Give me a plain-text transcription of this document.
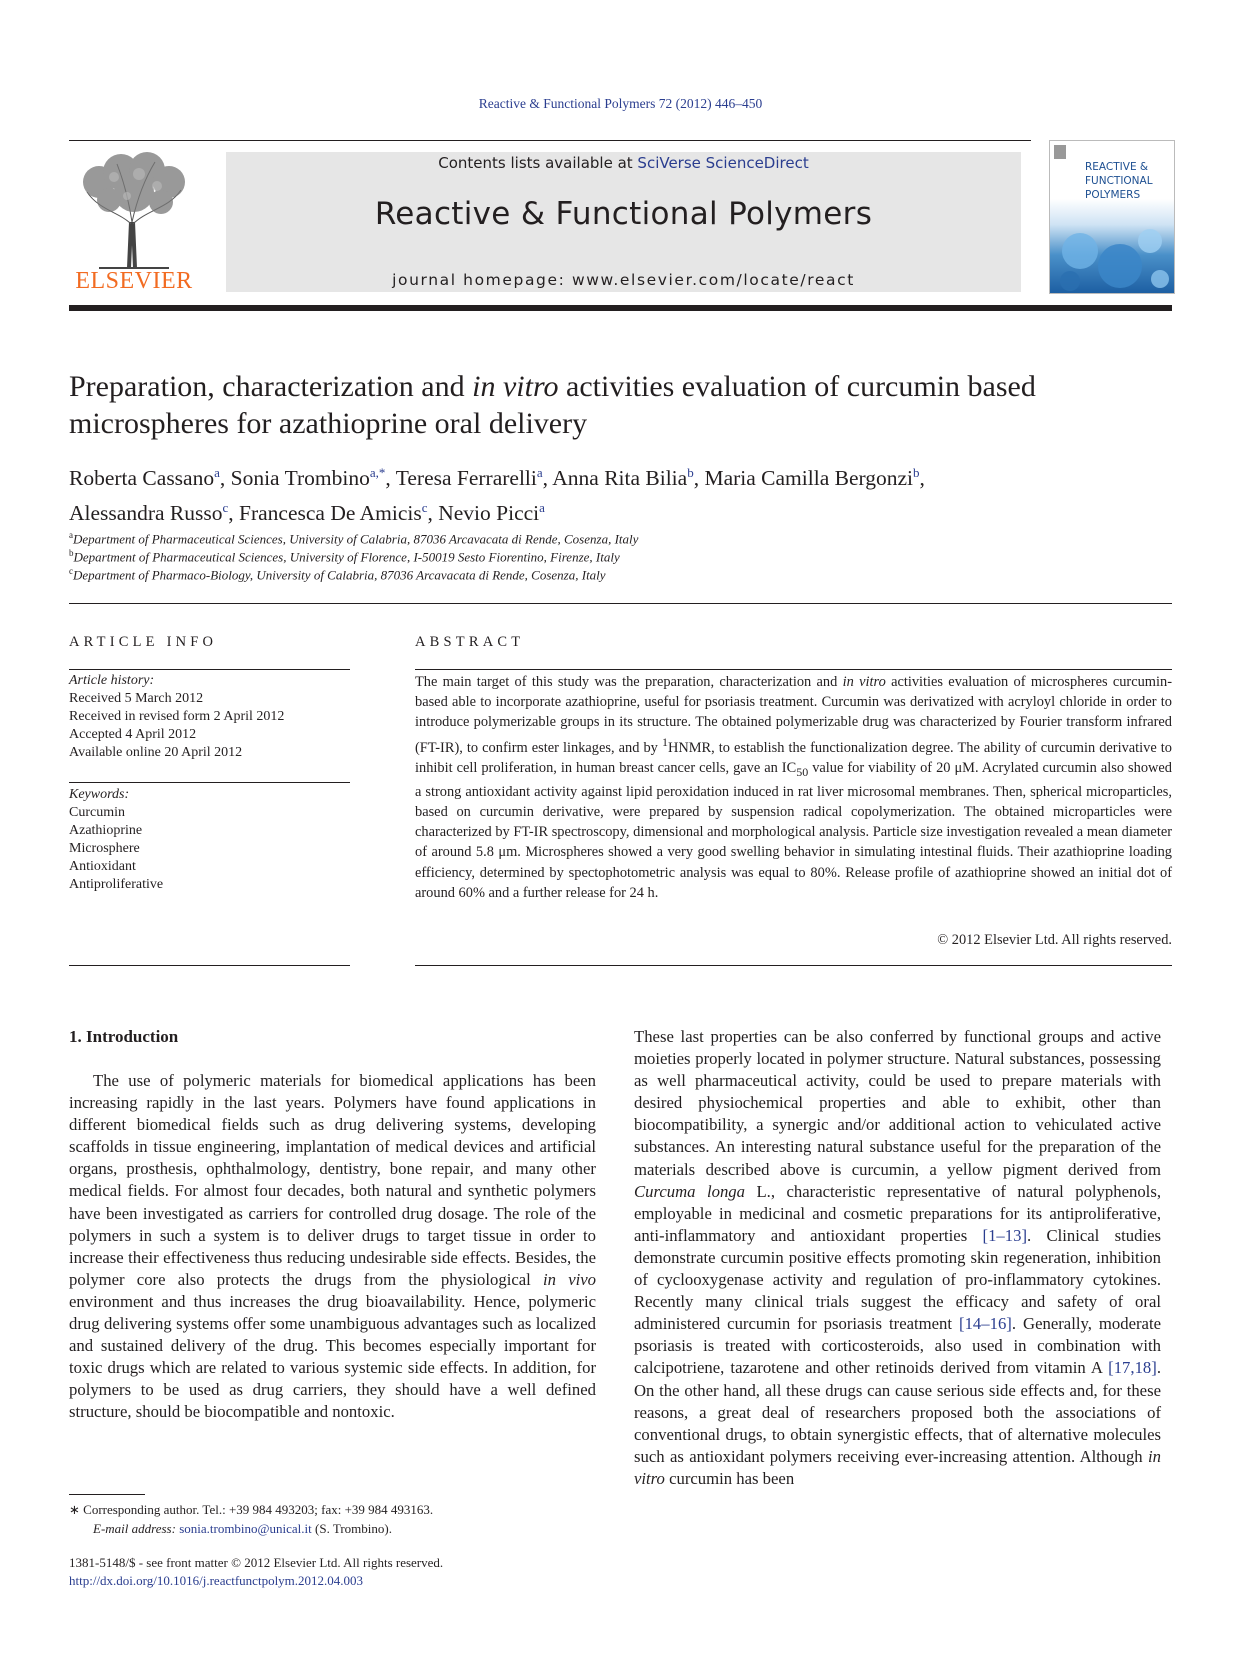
Reactive & Functional Polymers 72 (2012) 446–450
ELSEVIER
Contents lists available at SciVerse ScienceDirect
Reactive & Functional Polymers
journal homepage: www.elsevier.com/locate/react
REACTIVE &
FUNCTIONAL
POLYMERS
Preparation, characterization and in vitro activities evaluation of curcumin based microspheres for azathioprine oral delivery
Roberta Cassano$^a$, Sonia Trombino$^{a,*}$, Teresa Ferrarelli$^a$, Anna Rita Bilia$^b$, Maria Camilla Bergonzi$^b$,
Alessandra Russo$^c$, Francesca De Amicis$^c$, Nevio Picci$^a$
$^a$Department of Pharmaceutical Sciences, University of Calabria, 87036 Arcavacata di Rende, Cosenza, Italy
$^b$Department of Pharmaceutical Sciences, University of Florence, I-50019 Sesto Fiorentino, Firenze, Italy
$^c$Department of Pharmaco-Biology, University of Calabria, 87036 Arcavacata di Rende, Cosenza, Italy
ARTICLE INFO
Article history:
Received 5 March 2012
Received in revised form 2 April 2012
Accepted 4 April 2012
Available online 20 April 2012
Keywords:
Curcumin
Azathioprine
Microsphere
Antioxidant
Antiproliferative
ABSTRACT
The main target of this study was the preparation, characterization and in vitro activities evaluation of microspheres curcumin-based able to incorporate azathioprine, useful for psoriasis treatment. Curcumin was derivatized with acryloyl chloride in order to introduce polymerizable groups in its structure. The obtained polymerizable drug was characterized by Fourier transform infrared (FT-IR), to confirm ester linkages, and by $^1$HNMR, to establish the functionalization degree. The ability of curcumin derivative to inhibit cell proliferation, in human breast cancer cells, gave an $IC_{50}$ value for viability of 20 μM. Acrylated curcumin also showed a strong antioxidant activity against lipid peroxidation induced in rat liver microsomal membranes. Then, spherical microparticles, based on curcumin derivative, were prepared by suspension radical copolymerization. The obtained microparticles were characterized by FT-IR spectroscopy, dimensional and morphological analysis. Particle size investigation revealed a mean diameter of around 5.8 μm. Microspheres showed a very good swelling behavior in simulating intestinal fluids. Their azathioprine loading efficiency, determined by spectophotometric analysis was equal to 80%. Release profile of azathioprine showed an initial dot of around 60% and a further release for 24 h.
© 2012 Elsevier Ltd. All rights reserved.
1. Introduction
The use of polymeric materials for biomedical applications has been increasing rapidly in the last years. Polymers have found applications in different biomedical fields such as drug delivering systems, developing scaffolds in tissue engineering, implantation of medical devices and artificial organs, prosthesis, ophthalmology, dentistry, bone repair, and many other medical fields. For almost four decades, both natural and synthetic polymers have been investigated as carriers for controlled drug dosage. The role of the polymers in such a system is to deliver drugs to target tissue in order to increase their effectiveness thus reducing undesirable side effects. Besides, the polymer core also protects the drugs from the physiological in vivo environment and thus increases the drug bioavailability. Hence, polymeric drug delivering systems offer some unambiguous advantages such as localized and sustained delivery of the drug. This becomes especially important for toxic drugs which are related to various systemic side effects. In addition, for polymers to be used as drug carriers, they should have a well defined structure, should be biocompatible and nontoxic.
These last properties can be also conferred by functional groups and active moieties properly located in polymer structure. Natural substances, possessing as well pharmaceutical activity, could be used to prepare materials with desired physiochemical properties and able to exhibit, other than biocompatibility, a synergic and/or additional action to vehiculated active substances. An interesting natural substance useful for the preparation of the materials described above is curcumin, a yellow pigment derived from Curcuma longa L., characteristic representative of natural polyphenols, employable in medicinal and cosmetic preparations for its antiproliferative, anti-inflammatory and antioxidant properties [1–13]. Clinical studies demonstrate curcumin positive effects promoting skin regeneration, inhibition of cyclooxygenase activity and regulation of pro-inflammatory cytokines. Recently many clinical trials suggest the efficacy and safety of oral administered curcumin for psoriasis treatment [14–16]. Generally, moderate psoriasis is treated with corticosteroids, also used in combination with calcipotriene, tazarotene and other retinoids derived from vitamin A [17,18]. On the other hand, all these drugs can cause serious side effects and, for these reasons, a great deal of researchers proposed both the associations of conventional drugs, to obtain synergistic effects, that of alternative molecules such as antioxidant polymers receiving ever-increasing attention. Although in vitro curcumin has been
∗ Corresponding author. Tel.: +39 984 493203; fax: +39 984 493163.
E-mail address: sonia.trombino@unical.it (S. Trombino).
1381-5148/$ - see front matter © 2012 Elsevier Ltd. All rights reserved.
http://dx.doi.org/10.1016/j.reactfunctpolym.2012.04.003
